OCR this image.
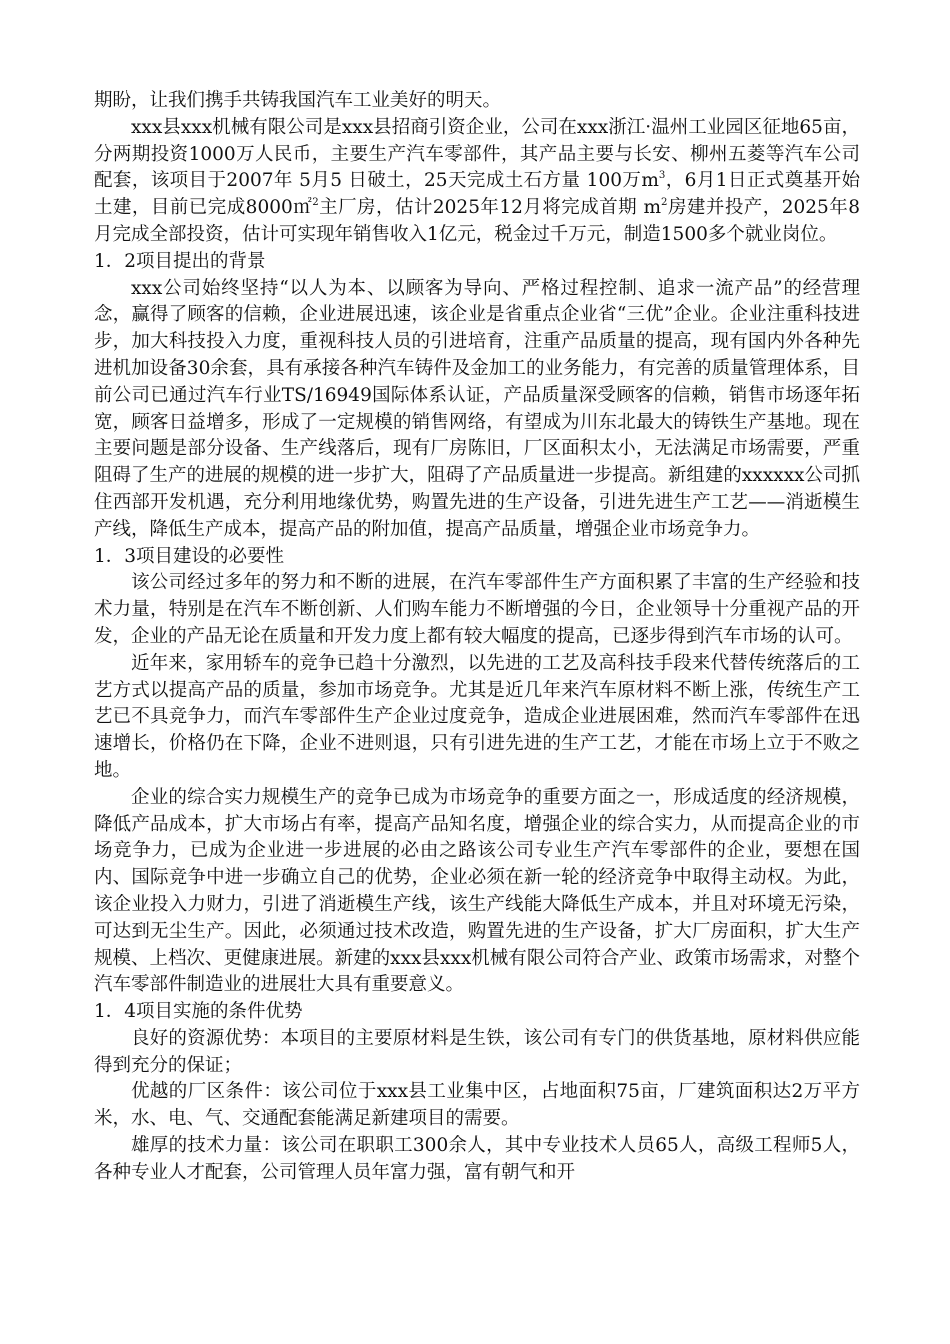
期盼，让我们携手共铸我国汽车工业美好的明天。

xxx县xxx机械有限公司是xxx县招商引资企业，公司在xxx浙江·温州工业园区征地65亩，分两期投资1000万人民币，主要生产汽车零部件，其产品主要与长安、柳州五菱等汽车公司配套，该项目于2007年 5月5 日破土，25天完成土石方量 100万$m^3$，6月1日正式奠基开始土建，目前已完成8000㎡$^2$主厂房，估计2025年12月将完成首期 $m^2$房建并投产，2025年8月完成全部投资，估计可实现年销售收入1亿元，税金过千万元，制造1500多个就业岗位。

1．2项目提出的背景

xxx公司始终坚持“以人为本、以顾客为导向、严格过程控制、追求一流产品”的经营理念，赢得了顾客的信赖，企业进展迅速，该企业是省重点企业省“三优”企业。企业注重科技进步，加大科技投入力度，重视科技人员的引进培育，注重产品质量的提高，现有国内外各种先进机加设备30余套，具有承接各种汽车铸件及金加工的业务能力，有完善的质量管理体系，目前公司已通过汽车行业TS/16949国际体系认证，产品质量深受顾客的信赖，销售市场逐年拓宽，顾客日益增多，形成了一定规模的销售网络，有望成为川东北最大的铸铁生产基地。现在主要问题是部分设备、生产线落后，现有厂房陈旧，厂区面积太小，无法满足市场需要，严重阻碍了生产的进展的规模的进一步扩大，阻碍了产品质量进一步提高。新组建的xxxxxx公司抓住西部开发机遇，充分利用地缘优势，购置先进的生产设备，引进先进生产工艺——消逝模生产线，降低生产成本，提高产品的附加值，提高产品质量，增强企业市场竞争力。

1．3项目建设的必要性

该公司经过多年的努力和不断的进展，在汽车零部件生产方面积累了丰富的生产经验和技术力量，特别是在汽车不断创新、人们购车能力不断增强的今日，企业领导十分重视产品的开发，企业的产品无论在质量和开发力度上都有较大幅度的提高，已逐步得到汽车市场的认可。

近年来，家用轿车的竞争已趋十分激烈，以先进的工艺及高科技手段来代替传统落后的工艺方式以提高产品的质量，参加市场竞争。尤其是近几年来汽车原材料不断上涨，传统生产工艺已不具竞争力，而汽车零部件生产企业过度竞争，造成企业进展困难，然而汽车零部件在迅速增长，价格仍在下降，企业不进则退，只有引进先进的生产工艺，才能在市场上立于不败之地。

企业的综合实力规模生产的竞争已成为市场竞争的重要方面之一，形成适度的经济规模，降低产品成本，扩大市场占有率，提高产品知名度，增强企业的综合实力，从而提高企业的市场竞争力，已成为企业进一步进展的必由之路该公司专业生产汽车零部件的企业，要想在国内、国际竞争中进一步确立自己的优势，企业必须在新一轮的经济竞争中取得主动权。为此，该企业投入力财力，引进了消逝模生产线，该生产线能大降低生产成本，并且对环境无污染，可达到无尘生产。因此，必须通过技术改造，购置先进的生产设备，扩大厂房面积，扩大生产规模、上档次、更健康进展。新建的xxx县xxx机械有限公司符合产业、政策市场需求，对整个汽车零部件制造业的进展壮大具有重要意义。

1．4项目实施的条件优势

良好的资源优势：本项目的主要原材料是生铁，该公司有专门的供货基地，原材料供应能得到充分的保证；

优越的厂区条件：该公司位于xxx县工业集中区，占地面积75亩，厂建筑面积达2万平方米，水、电、气、交通配套能满足新建项目的需要。

雄厚的技术力量：该公司在职职工300余人，其中专业技术人员65人，高级工程师5人，各种专业人才配套，公司管理人员年富力强，富有朝气和开
